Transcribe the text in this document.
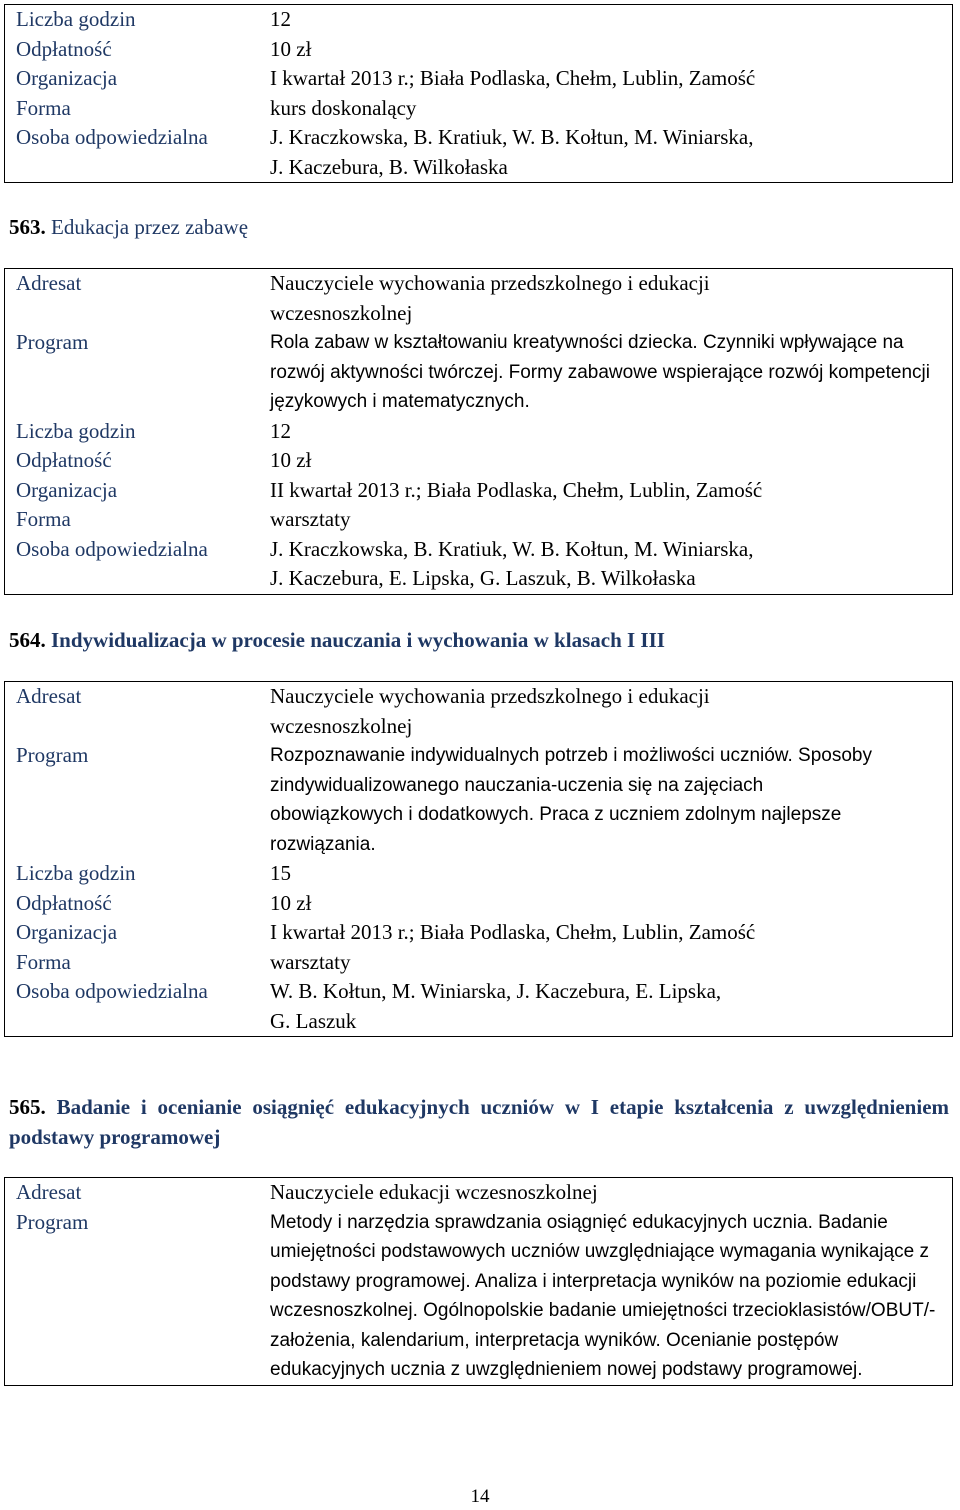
Liczba godzin	12
Odpłatność	10 zł
Organizacja	I kwartał 2013 r.; Biała Podlaska, Chełm, Lublin, Zamość
Forma	kurs doskonalący
Osoba odpowiedzialna	J. Kraczkowska, B. Kratiuk, W. B. Kołtun, M. Winiarska,
J. Kaczebura, B. Wilkołaska
563. Edukacja przez zabawę
Adresat	Nauczyciele wychowania przedszkolnego i edukacji wczesnoszkolnej
Program	Rola zabaw w kształtowaniu kreatywności dziecka. Czynniki wpływające na rozwój aktywności twórczej. Formy zabawowe wspierające rozwój kompetencji językowych i matematycznych.
Liczba godzin	12
Odpłatność	10 zł
Organizacja	II kwartał 2013 r.; Biała Podlaska, Chełm, Lublin, Zamość
Forma	warsztaty
Osoba odpowiedzialna	J. Kraczkowska, B. Kratiuk, W. B. Kołtun, M. Winiarska,
J. Kaczebura, E. Lipska, G. Laszuk, B. Wilkołaska
564. Indywidualizacja w procesie nauczania i wychowania w klasach I III
Adresat	Nauczyciele wychowania przedszkolnego i edukacji wczesnoszkolnej
Program	Rozpoznawanie indywidualnych potrzeb i możliwości uczniów. Sposoby zindywidualizowanego nauczania-uczenia się na zajęciach obowiązkowych i dodatkowych. Praca z uczniem zdolnym najlepsze rozwiązania.
Liczba godzin	15
Odpłatność	10 zł
Organizacja	I kwartał 2013 r.; Biała Podlaska, Chełm, Lublin, Zamość
Forma	warsztaty
Osoba odpowiedzialna	W. B. Kołtun, M. Winiarska, J. Kaczebura, E. Lipska,
G. Laszuk
565. Badanie i ocenianie osiągnięć edukacyjnych uczniów w I etapie kształcenia z uwzględnieniem podstawy programowej
Adresat	Nauczyciele edukacji wczesnoszkolnej
Program	Metody i narzędzia sprawdzania osiągnięć edukacyjnych ucznia. Badanie umiejętności podstawowych uczniów uwzględniające wymagania wynikające z podstawy programowej. Analiza i interpretacja wyników na poziomie edukacji wczesnoszkolnej. Ogólnopolskie badanie umiejętności trzecioklasistów/OBUT/- założenia, kalendarium, interpretacja wyników. Ocenianie postępów edukacyjnych ucznia z uwzględnieniem nowej podstawy programowej.
14
